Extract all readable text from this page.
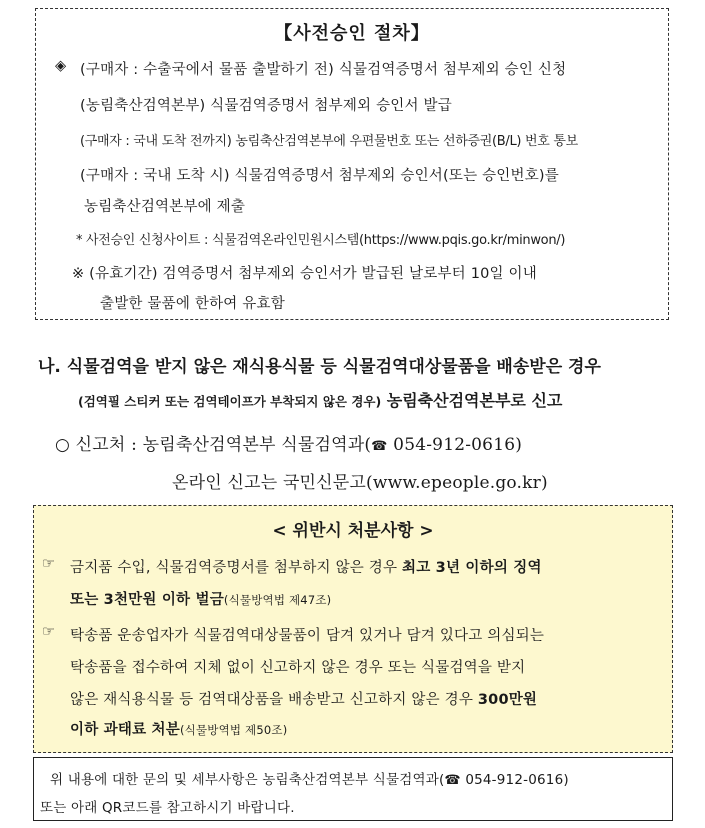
【사전승인 절차】
◈ (구매자 : 수출국에서 물품 출발하기 전) 식물검역증명서 첨부제외 승인 신청
(농림축산검역본부) 식물검역증명서 첨부제외 승인서 발급
(구매자 : 국내 도착 전까지) 농림축산검역본부에 우편물번호 또는 선하증권(B/L) 번호 통보
(구매자 : 국내 도착 시) 식물검역증명서 첨부제외 승인서(또는 승인번호)를
농림축산검역본부에 제출
* 사전승인 신청사이트 : 식물검역온라인민원시스템(https://www.pqis.go.kr/minwon/)
※ (유효기간) 검역증명서 첨부제외 승인서가 발급된 날로부터 10일 이내
출발한 물품에 한하여 유효함
나. 식물검역을 받지 않은 재식용식물 등 식물검역대상물품을 배송받은 경우
(검역필 스티커 또는 검역테이프가 부착되지 않은 경우) 농림축산검역본부로 신고
○ 신고처 : 농림축산검역본부 식물검역과(☎ 054-912-0616)
온라인 신고는 국민신문고(www.epeople.go.kr)
< 위반시 처분사항 >
☞ 금지품 수입, 식물검역증명서를 첨부하지 않은 경우 최고 3년 이하의 징역
또는 3천만원 이하 벌금(식물방역법 제47조)
☞ 탁송품 운송업자가 식물검역대상물품이 담겨 있거나 담겨 있다고 의심되는
탁송품을 접수하여 지체 없이 신고하지 않은 경우 또는 식물검역을 받지
않은 재식용식물 등 검역대상품을 배송받고 신고하지 않은 경우 300만원
이하 과태료 처분(식물방역법 제50조)
위 내용에 대한 문의 및 세부사항은 농림축산검역본부 식물검역과(☎ 054-912-0616)
또는 아래 QR코드를 참고하시기 바랍니다.
